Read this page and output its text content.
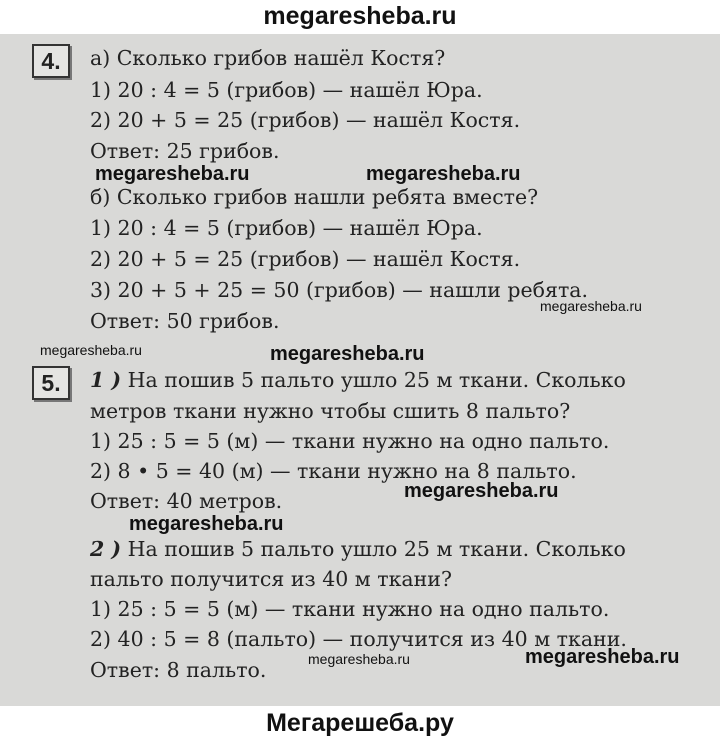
megaresheba.ru
4.	а) Сколько грибов нашёл Костя?
1) 20 : 4 = 5 (грибов) — нашёл Юра.
2) 20 + 5 = 25 (грибов) — нашёл Костя.
Ответ: 25 грибов.
б) Сколько грибов нашли ребята вместе?
1) 20 : 4 = 5 (грибов) — нашёл Юра.
2) 20 + 5 = 25 (грибов) — нашёл Костя.
3) 20 + 5 + 25 = 50 (грибов) — нашли ребята.
Ответ: 50 грибов.
5.	1 ) На пошив 5 пальто ушло 25 м ткани. Сколько
метров ткани нужно чтобы сшить 8 пальто?
1) 25 : 5 = 5 (м) — ткани нужно на одно пальто.
2) 8 • 5 = 40 (м) — ткани нужно на 8 пальто.
Ответ: 40 метров.
2 ) На пошив 5 пальто ушло 25 м ткани. Сколько
пальто получится из 40 м ткани?
1) 25 : 5 = 5 (м) — ткани нужно на одно пальто.
2) 40 : 5 = 8 (пальто) — получится из 40 м ткани.
Ответ: 8 пальто.
megaresheba.ru	megaresheba.ru
megaresheba.ru
megaresheba.ru	megaresheba.ru
megaresheba.ru
megaresheba.ru
megaresheba.ru	megaresheba.ru
Мегарешеба.ру
